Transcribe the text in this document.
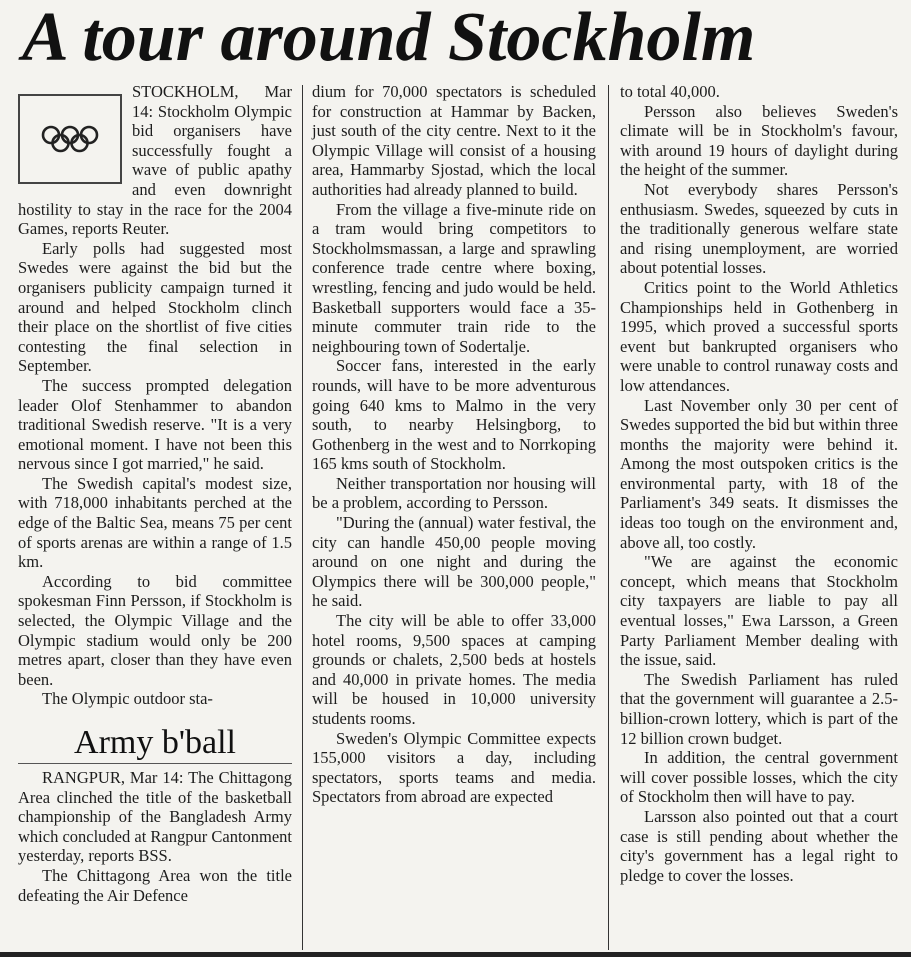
A tour around Stockholm

STOCKHOLM, Mar 14: Stockholm Olympic bid organisers have successfully fought a wave of public apathy and even downright hostility to stay in the race for the 2004 Games, reports Reuter.

Early polls had suggested most Swedes were against the bid but the organisers publicity campaign turned it around and helped Stockholm clinch their place on the shortlist of five cities contesting the final selection in September.

The success prompted delegation leader Olof Stenhammer to abandon traditional Swedish reserve. "It is a very emotional moment. I have not been this nervous since I got married," he said.

The Swedish capital's modest size, with 718,000 inhabitants perched at the edge of the Baltic Sea, means 75 per cent of sports arenas are within a range of 1.5 km.

According to bid committee spokesman Finn Persson, if Stockholm is selected, the Olympic Village and the Olympic stadium would only be 200 metres apart, closer than they have even been.

The Olympic outdoor sta-

Army b'ball

RANGPUR, Mar 14: The Chittagong Area clinched the title of the basketball championship of the Bangladesh Army which concluded at Rangpur Cantonment yesterday, reports BSS.

The Chittagong Area won the title defeating the Air Defence

dium for 70,000 spectators is scheduled for construction at Hammar by Backen, just south of the city centre. Next to it the Olympic Village will consist of a housing area, Hammarby Sjostad, which the local authorities had already planned to build.

From the village a five-minute ride on a tram would bring competitors to Stockholmsmassan, a large and sprawling conference trade centre where boxing, wrestling, fencing and judo would be held. Basketball supporters would face a 35-minute commuter train ride to the neighbouring town of Sodertalje.

Soccer fans, interested in the early rounds, will have to be more adventurous going 640 kms to Malmo in the very south, to nearby Helsingborg, to Gothenberg in the west and to Norrkoping 165 kms south of Stockholm.

Neither transportation nor housing will be a problem, according to Persson.

"During the (annual) water festival, the city can handle 450,00 people moving around on one night and during the Olympics there will be 300,000 people," he said.

The city will be able to offer 33,000 hotel rooms, 9,500 spaces at camping grounds or chalets, 2,500 beds at hostels and 40,000 in private homes. The media will be housed in 10,000 university students rooms.

Sweden's Olympic Committee expects 155,000 visitors a day, including spectators, sports teams and media. Spectators from abroad are expected

to total 40,000.

Persson also believes Sweden's climate will be in Stockholm's favour, with around 19 hours of daylight during the height of the summer.

Not everybody shares Persson's enthusiasm. Swedes, squeezed by cuts in the traditionally generous welfare state and rising unemployment, are worried about potential losses.

Critics point to the World Athletics Championships held in Gothenberg in 1995, which proved a successful sports event but bankrupted organisers who were unable to control runaway costs and low attendances.

Last November only 30 per cent of Swedes supported the bid but within three months the majority were behind it. Among the most outspoken critics is the environmental party, with 18 of the Parliament's 349 seats. It dismisses the ideas too tough on the environment and, above all, too costly.

"We are against the economic concept, which means that Stockholm city taxpayers are liable to pay all eventual losses," Ewa Larsson, a Green Party Parliament Member dealing with the issue, said.

The Swedish Parliament has ruled that the government will guarantee a 2.5-billion-crown lottery, which is part of the 12 billion crown budget.

In addition, the central government will cover possible losses, which the city of Stockholm then will have to pay.

Larsson also pointed out that a court case is still pending about whether the city's government has a legal right to pledge to cover the losses.
